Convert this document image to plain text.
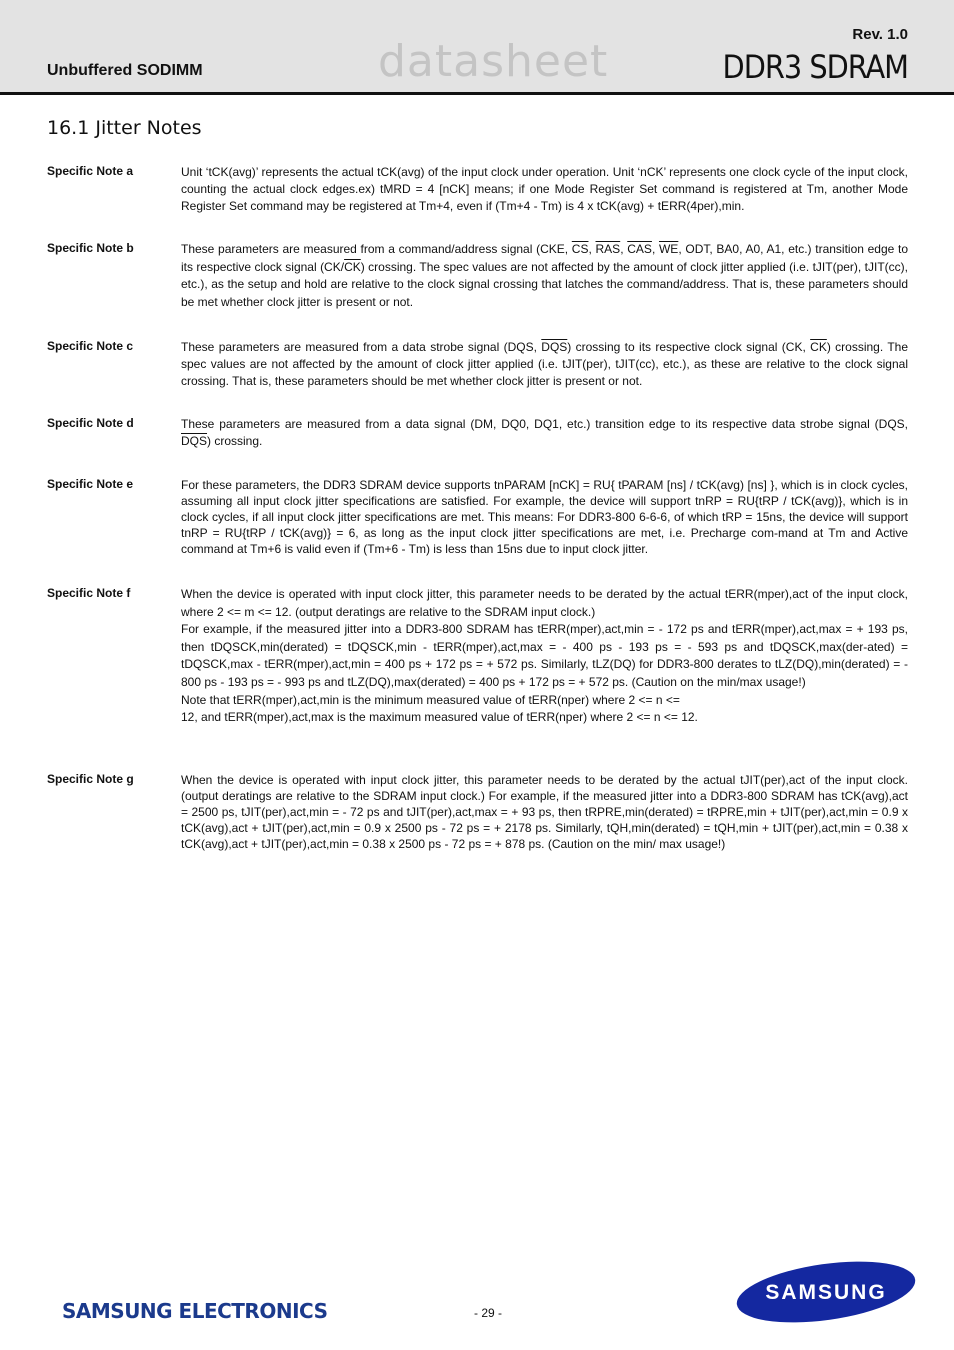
Rev. 1.0
Unbuffered SODIMM	datasheet	DDR3 SDRAM
16.1 Jitter Notes
Specific Note a	Unit ‘tCK(avg)’ represents the actual tCK(avg) of the input clock under operation. Unit ‘nCK’ represents one clock cycle of the input clock, counting the actual clock edges.ex) tMRD = 4 [nCK] means; if one Mode Register Set command is registered at Tm, another Mode Register Set command may be registered at Tm+4, even if (Tm+4 - Tm) is 4 x tCK(avg) + tERR(4per),min.
Specific Note b	These parameters are measured from a command/address signal (CKE, $\overline{CS}$, $\overline{RAS}$, $\overline{CAS}$, $\overline{WE}$, ODT, BA0, A0, A1, etc.) transition edge to its respective clock signal $(CK/\overline{CK})$ crossing. The spec values are not affected by the amount of clock jitter applied (i.e. tJIT(per), tJIT(cc), etc.), as the setup and hold are relative to the clock signal crossing that latches the command/address. That is, these parameters should be met whether clock jitter is present or not.
Specific Note c	These parameters are measured from a data strobe signal (DQS, $\overline{DQS}$) crossing to its respective clock signal (CK, $\overline{CK}$) crossing. The spec values are not affected by the amount of clock jitter applied (i.e. tJIT(per), tJIT(cc), etc.), as these are relative to the clock signal crossing. That is, these parameters should be met whether clock jitter is present or not.
Specific Note d	These parameters are measured from a data signal (DM, DQ0, DQ1, etc.) transition edge to its respective data strobe signal (DQS, $\overline{DQS}$) crossing.
Specific Note e	For these parameters, the DDR3 SDRAM device supports tnPARAM [nCK] = RU{ tPARAM [ns] / tCK(avg) [ns] }, which is in clock cycles, assuming all input clock jitter specifications are satisfied. For example, the device will support tnRP = RU{tRP / tCK(avg)}, which is in clock cycles, if all input clock jitter specifications are met. This means: For DDR3-800 6-6-6, of which tRP = 15ns, the device will support tnRP = RU{tRP / tCK(avg)} = 6, as long as the input clock jitter specifications are met, i.e. Precharge com-mand at Tm and Active command at Tm+6 is valid even if (Tm+6 - Tm) is less than 15ns due to input clock jitter.
Specific Note f	When the device is operated with input clock jitter, this parameter needs to be derated by the actual tERR(mper),act of the input clock, where 2 <= m <= 12. (output deratings are relative to the SDRAM input clock.)

For example, if the measured jitter into a DDR3-800 SDRAM has tERR(mper),act,min = - 172 ps and tERR(mper),act,max = + 193 ps, then tDQSCK,min(derated) = tDQSCK,min - tERR(mper),act,max = - 400 ps - 193 ps = - 593 ps and tDQSCK,max(der-ated) = tDQSCK,max - tERR(mper),act,min = 400 ps + 172 ps = + 572 ps. Similarly, tLZ(DQ) for DDR3-800 derates to tLZ(DQ),min(derated) = - 800 ps - 193 ps = - 993 ps and tLZ(DQ),max(derated) = 400 ps + 172 ps = + 572 ps. (Caution on the min/max usage!)

Note that tERR(mper),act,min is the minimum measured value of tERR(nper) where 2 <= n <=

12, and tERR(mper),act,max is the maximum measured value of tERR(nper) where 2 <= n <= 12.

Specific Note g	When the device is operated with input clock jitter, this parameter needs to be derated by the actual tJIT(per),act of the input clock. (output deratings are relative to the SDRAM input clock.) For example, if the measured jitter into a DDR3-800 SDRAM has tCK(avg),act = 2500 ps, tJIT(per),act,min = - 72 ps and tJIT(per),act,max = + 93 ps, then tRPRE,min(derated) = tRPRE,min + tJIT(per),act,min = 0.9 x tCK(avg),act + tJIT(per),act,min = 0.9 x 2500 ps - 72 ps = + 2178 ps. Similarly, tQH,min(derated) = tQH,min + tJIT(per),act,min = 0.38 x tCK(avg),act + tJIT(per),act,min = 0.38 x 2500 ps - 72 ps = + 878 ps. (Caution on the min/ max usage!)
SAMSUNG ELECTRONICS	- 29 -
SAMSUNG
